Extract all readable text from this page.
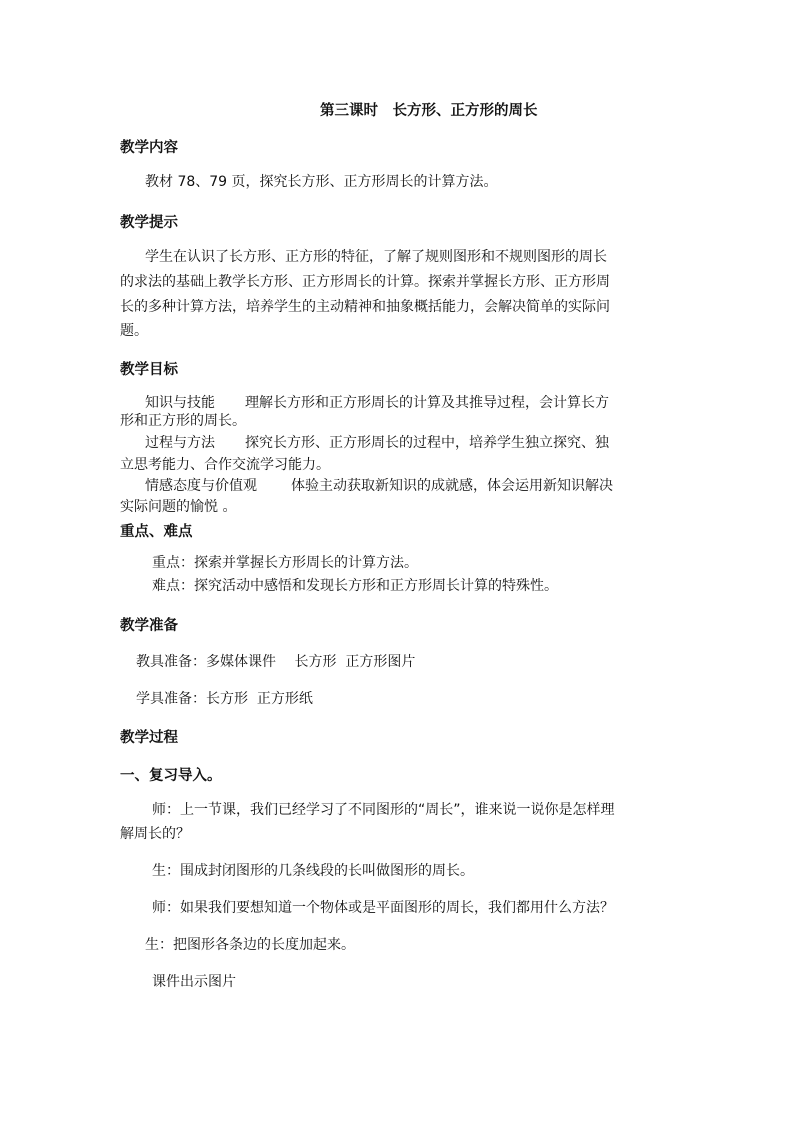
第三课时　长方形、正方形的周长
教学内容
教材 78、79 页，探究长方形、正方形周长的计算方法。
教学提示
学生在认识了长方形、正方形的特征，了解了规则图形和不规则图形的周长
的求法的基础上教学长方形、正方形周长的计算。探索并掌握长方形、正方形周
长的多种计算方法，培养学生的主动精神和抽象概括能力，会解决简单的实际问
题。
教学目标
知识与技能 理解长方形和正方形周长的计算及其推导过程，会计算长方
形和正方形的周长。
过程与方法 探究长方形、正方形周长的过程中，培养学生独立探究、独
立思考能力、合作交流学习能力。
情感态度与价值观 体验主动获取新知识的成就感，体会运用新知识解决
实际问题的愉悦 。
重点、难点
重点：探索并掌握长方形周长的计算方法。
难点：探究活动中感悟和发现长方形和正方形周长计算的特殊性。
教学准备
教具准备：多媒体课件　 长方形  正方形图片
学具准备：长方形  正方形纸
教学过程
一、复习导入。
师：上一节课，我们已经学习了不同图形的“周长”，谁来说一说你是怎样理
解周长的？
生：围成封闭图形的几条线段的长叫做图形的周长。
师：如果我们要想知道一个物体或是平面图形的周长，我们都用什么方法？
生：把图形各条边的长度加起来。
课件出示图片
